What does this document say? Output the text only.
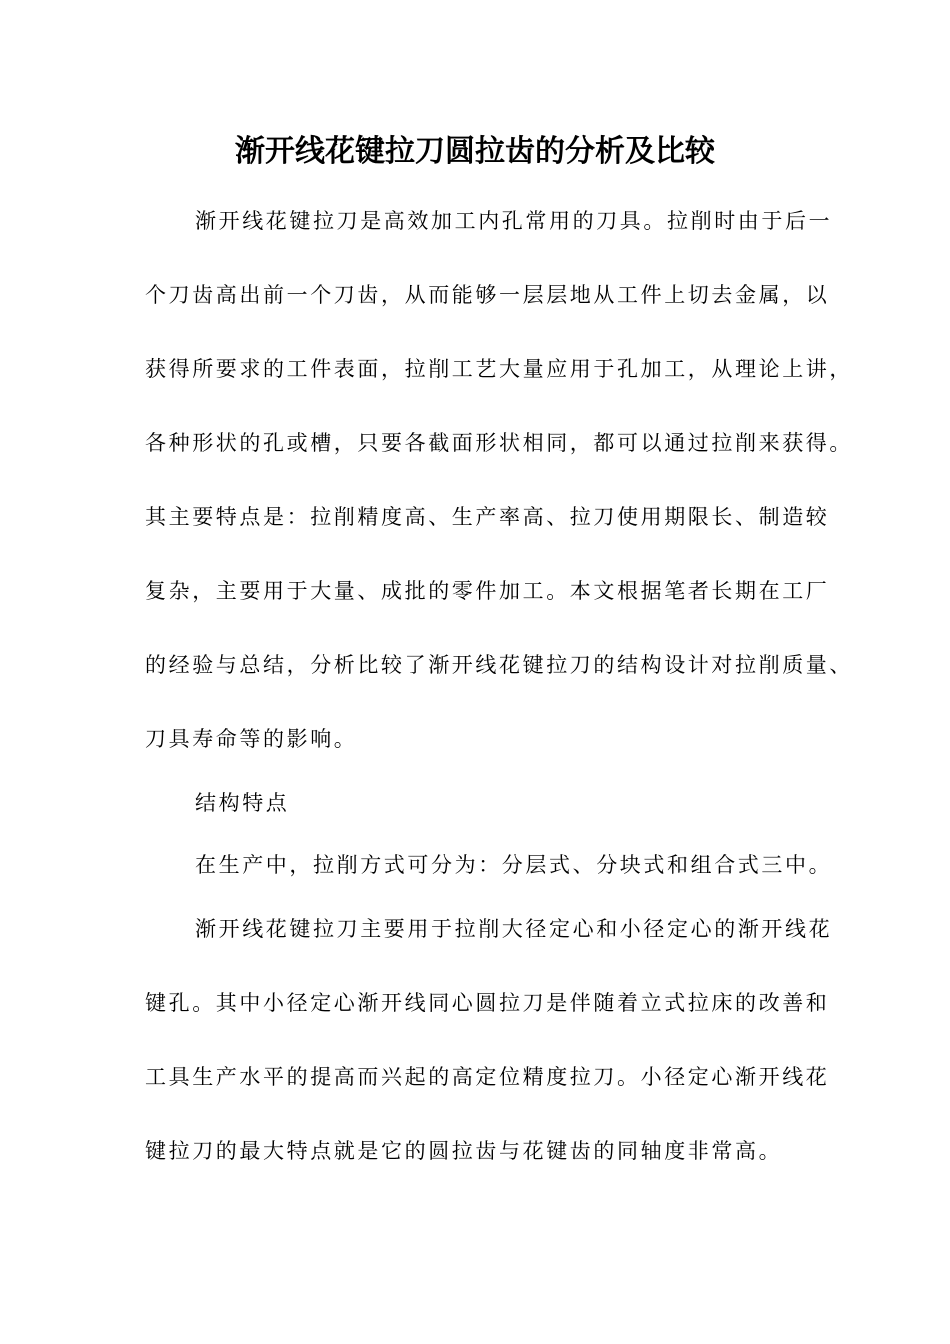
渐开线花键拉刀圆拉齿的分析及比较

渐开线花键拉刀是高效加工内孔常用的刀具。拉削时由于后一

个刀齿高出前一个刀齿，从而能够一层层地从工件上切去金属，以

获得所要求的工件表面，拉削工艺大量应用于孔加工，从理论上讲，

各种形状的孔或槽，只要各截面形状相同，都可以通过拉削来获得。

其主要特点是：拉削精度高、生产率高、拉刀使用期限长、制造较

复杂，主要用于大量、成批的零件加工。本文根据笔者长期在工厂

的经验与总结，分析比较了渐开线花键拉刀的结构设计对拉削质量、

刀具寿命等的影响。

结构特点

在生产中，拉削方式可分为：分层式、分块式和组合式三中。

渐开线花键拉刀主要用于拉削大径定心和小径定心的渐开线花

键孔。其中小径定心渐开线同心圆拉刀是伴随着立式拉床的改善和

工具生产水平的提高而兴起的高定位精度拉刀。小径定心渐开线花

键拉刀的最大特点就是它的圆拉齿与花键齿的同轴度非常高。
